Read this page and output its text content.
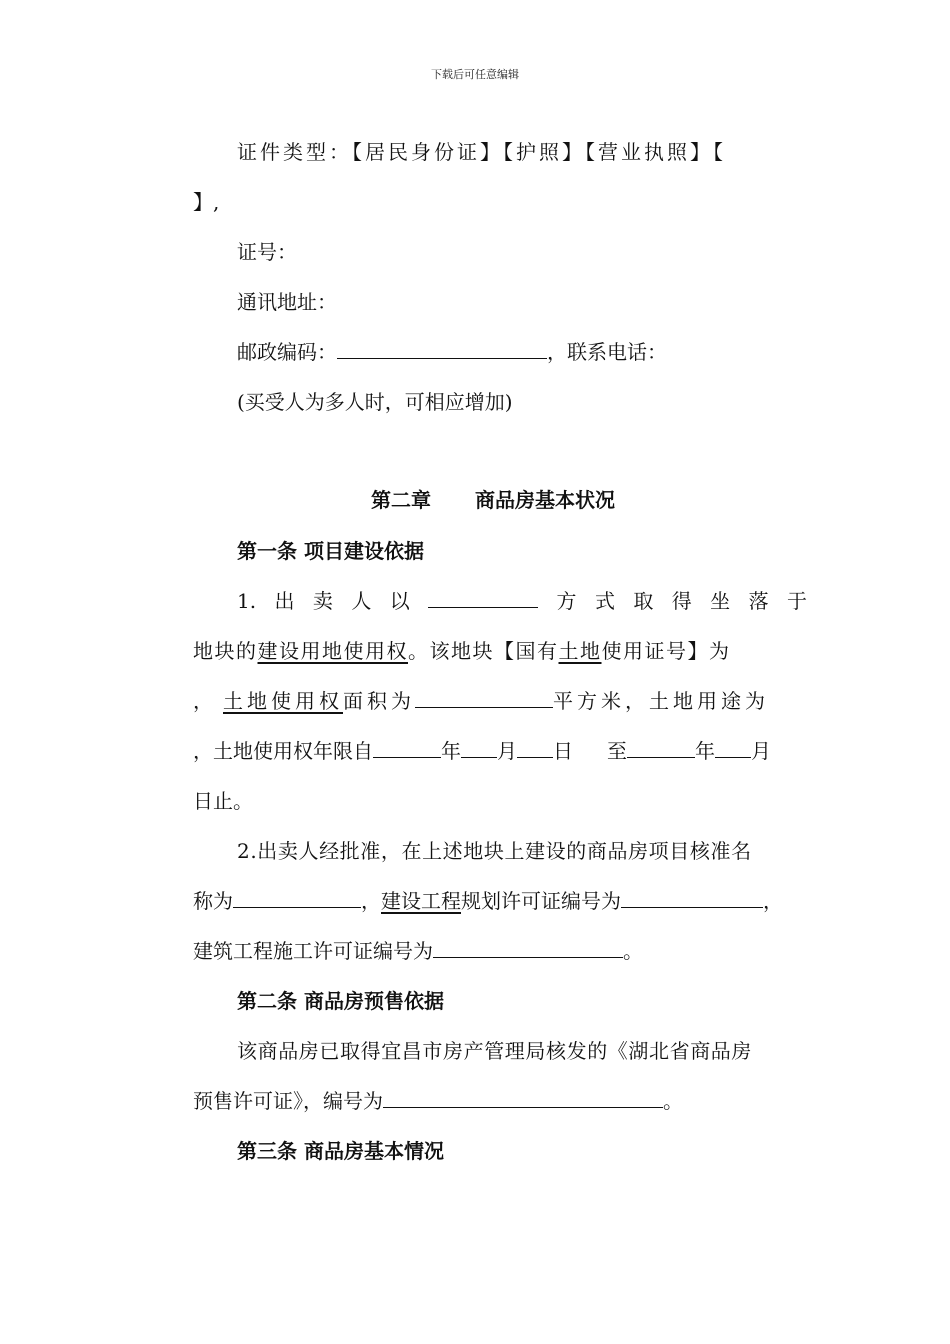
下载后可任意编辑
证件类型：【居民身份证】【护照】【营业执照】【
】,
证号：
通讯地址：
邮政编码：	，联系电话：
(买受人为多人时，可相应增加)
第二章 商品房基本状况
第一条 项目建设依据
1. 出 卖 人 以	方 式 取 得 坐 落 于
地块的建设用地使用权。该地块【国有土地使用证号】为
， 土地使用权面积为	平方米，土地用途为
，土地使用权年限自	年 月 日 至	年 月
日止。
2.出卖人经批准，在上述地块上建设的商品房项目核准名
称为	，建设工程规划许可证编号为	，
建筑工程施工许可证编号为	。
第二条 商品房预售依据
该商品房已取得宜昌市房产管理局核发的《湖北省商品房
预售许可证》，编号为	。
第三条 商品房基本情况
